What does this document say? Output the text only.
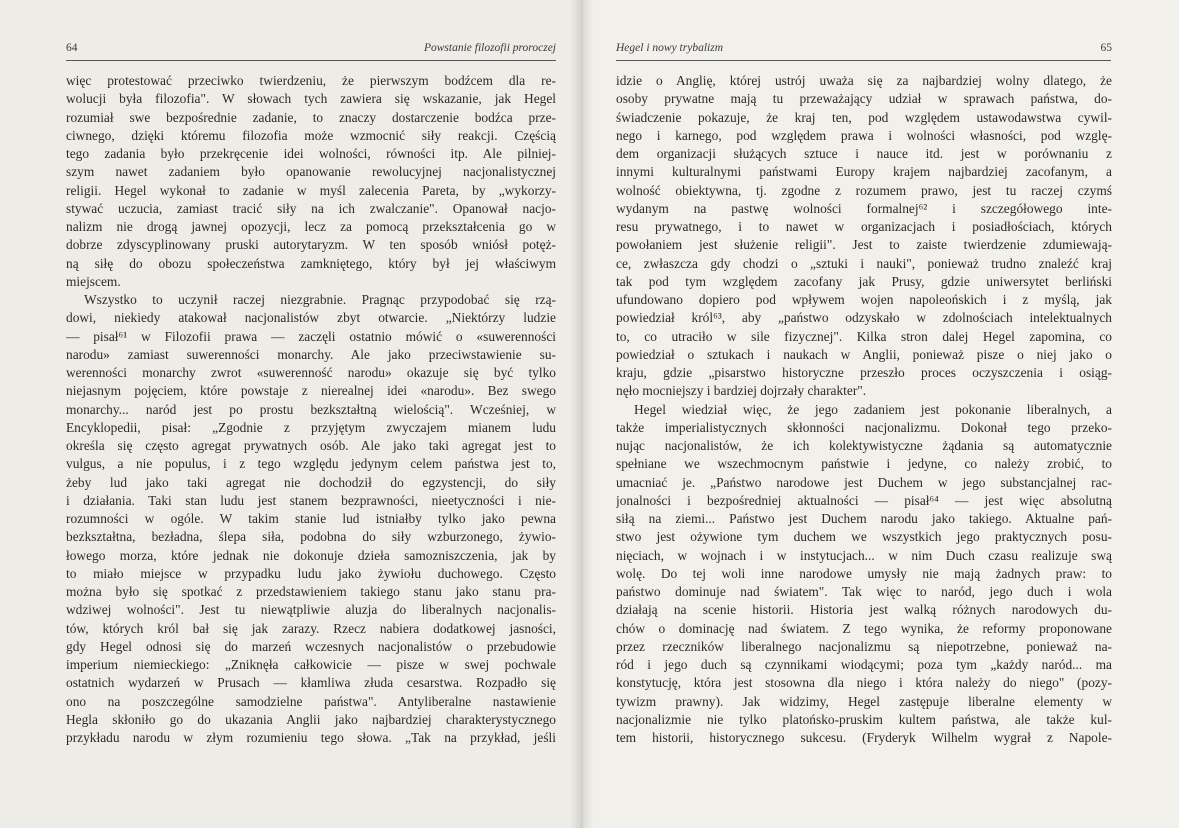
64	Powstanie filozofii proroczej
więc protestować przeciwko twierdzeniu, że pierwszym bodźcem dla re-
wolucji była filozofia". W słowach tych zawiera się wskazanie, jak Hegel
rozumiał swe bezpośrednie zadanie, to znaczy dostarczenie bodźca prze-
ciwnego, dzięki któremu filozofia może wzmocnić siły reakcji. Częścią
tego zadania było przekręcenie idei wolności, równości itp. Ale pilniej-
szym nawet zadaniem było opanowanie rewolucyjnej nacjonalistycznej
religii. Hegel wykonał to zadanie w myśl zalecenia Pareta, by „wykorzy-
stywać uczucia, zamiast tracić siły na ich zwalczanie". Opanował nacjo-
nalizm nie drogą jawnej opozycji, lecz za pomocą przekształcenia go w
dobrze zdyscyplinowany pruski autorytaryzm. W ten sposób wniósł potęż-
ną siłę do obozu społeczeństwa zamkniętego, który był jej właściwym
miejscem.
Wszystko to uczynił raczej niezgrabnie. Pragnąc przypodobać się rzą-
dowi, niekiedy atakował nacjonalistów zbyt otwarcie. „Niektórzy ludzie
— pisał⁶¹ w Filozofii prawa — zaczęli ostatnio mówić o «suwerenności
narodu» zamiast suwerenności monarchy. Ale jako przeciwstawienie su-
werenności monarchy zwrot «suwerenność narodu» okazuje się być tylko
niejasnym pojęciem, które powstaje z nierealnej idei «narodu». Bez swego
monarchy... naród jest po prostu bezkształtną wielością". Wcześniej, w
Encyklopedii, pisał: „Zgodnie z przyjętym zwyczajem mianem ludu
określa się często agregat prywatnych osób. Ale jako taki agregat jest to
vulgus, a nie populus, i z tego względu jedynym celem państwa jest to,
żeby lud jako taki agregat nie dochodził do egzystencji, do siły
i działania. Taki stan ludu jest stanem bezprawności, nieetyczności i nie-
rozumności w ogóle. W takim stanie lud istniałby tylko jako pewna
bezkształtna, bezładna, ślepa siła, podobna do siły wzburzonego, żywio-
łowego morza, które jednak nie dokonuje dzieła samozniszczenia, jak by
to miało miejsce w przypadku ludu jako żywiołu duchowego. Często
można było się spotkać z przedstawieniem takiego stanu jako stanu pra-
wdziwej wolności". Jest tu niewątpliwie aluzja do liberalnych nacjonalis-
tów, których król bał się jak zarazy. Rzecz nabiera dodatkowej jasności,
gdy Hegel odnosi się do marzeń wczesnych nacjonalistów o przebudowie
imperium niemieckiego: „Zniknęła całkowicie — pisze w swej pochwale
ostatnich wydarzeń w Prusach — kłamliwa złuda cesarstwa. Rozpadło się
ono na poszczególne samodzielne państwa". Antyliberalne nastawienie
Hegla skłoniło go do ukazania Anglii jako najbardziej charakterystycznego
przykładu narodu w złym rozumieniu tego słowa. „Tak na przykład, jeśli
Hegel i nowy trybalizm	65
idzie o Anglię, której ustrój uważa się za najbardziej wolny dlatego, że
osoby prywatne mają tu przeważający udział w sprawach państwa, do-
świadczenie pokazuje, że kraj ten, pod względem ustawodawstwa cywil-
nego i karnego, pod względem prawa i wolności własności, pod wzglę-
dem organizacji służących sztuce i nauce itd. jest w porównaniu z
innymi kulturalnymi państwami Europy krajem najbardziej zacofanym, a
wolność obiektywna, tj. zgodne z rozumem prawo, jest tu raczej czymś
wydanym na pastwę wolności formalnej⁶² i szczegółowego inte-
resu prywatnego, i to nawet w organizacjach i posiadłościach, których
powołaniem jest służenie religii". Jest to zaiste twierdzenie zdumiewają-
ce, zwłaszcza gdy chodzi o „sztuki i nauki", ponieważ trudno znaleźć kraj
tak pod tym względem zacofany jak Prusy, gdzie uniwersytet berliński
ufundowano dopiero pod wpływem wojen napoleońskich i z myślą, jak
powiedział król⁶³, aby „państwo odzyskało w zdolnościach intelektualnych
to, co utraciło w sile fizycznej". Kilka stron dalej Hegel zapomina, co
powiedział o sztukach i naukach w Anglii, ponieważ pisze o niej jako o
kraju, gdzie „pisarstwo historyczne przeszło proces oczyszczenia i osiąg-
nęło mocniejszy i bardziej dojrzały charakter".
Hegel wiedział więc, że jego zadaniem jest pokonanie liberalnych, a
także imperialistycznych skłonności nacjonalizmu. Dokonał tego przeko-
nując nacjonalistów, że ich kolektywistyczne żądania są automatycznie
spełniane we wszechmocnym państwie i jedyne, co należy zrobić, to
umacniać je. „Państwo narodowe jest Duchem w jego substancjalnej rac-
jonalności i bezpośredniej aktualności — pisał⁶⁴ — jest więc absolutną
siłą na ziemi... Państwo jest Duchem narodu jako takiego. Aktualne pań-
stwo jest ożywione tym duchem we wszystkich jego praktycznych posu-
nięciach, w wojnach i w instytucjach... w nim Duch czasu realizuje swą
wolę. Do tej woli inne narodowe umysły nie mają żadnych praw: to
państwo dominuje nad światem". Tak więc to naród, jego duch i wola
działają na scenie historii. Historia jest walką różnych narodowych du-
chów o dominację nad światem. Z tego wynika, że reformy proponowane
przez rzeczników liberalnego nacjonalizmu są niepotrzebne, ponieważ na-
ród i jego duch są czynnikami wiodącymi; poza tym „każdy naród... ma
konstytucję, która jest stosowna dla niego i która należy do niego" (pozy-
tywizm prawny). Jak widzimy, Hegel zastępuje liberalne elementy w
nacjonalizmie nie tylko platońsko-pruskim kultem państwa, ale także kul-
tem historii, historycznego sukcesu. (Fryderyk Wilhelm wygrał z Napole-
